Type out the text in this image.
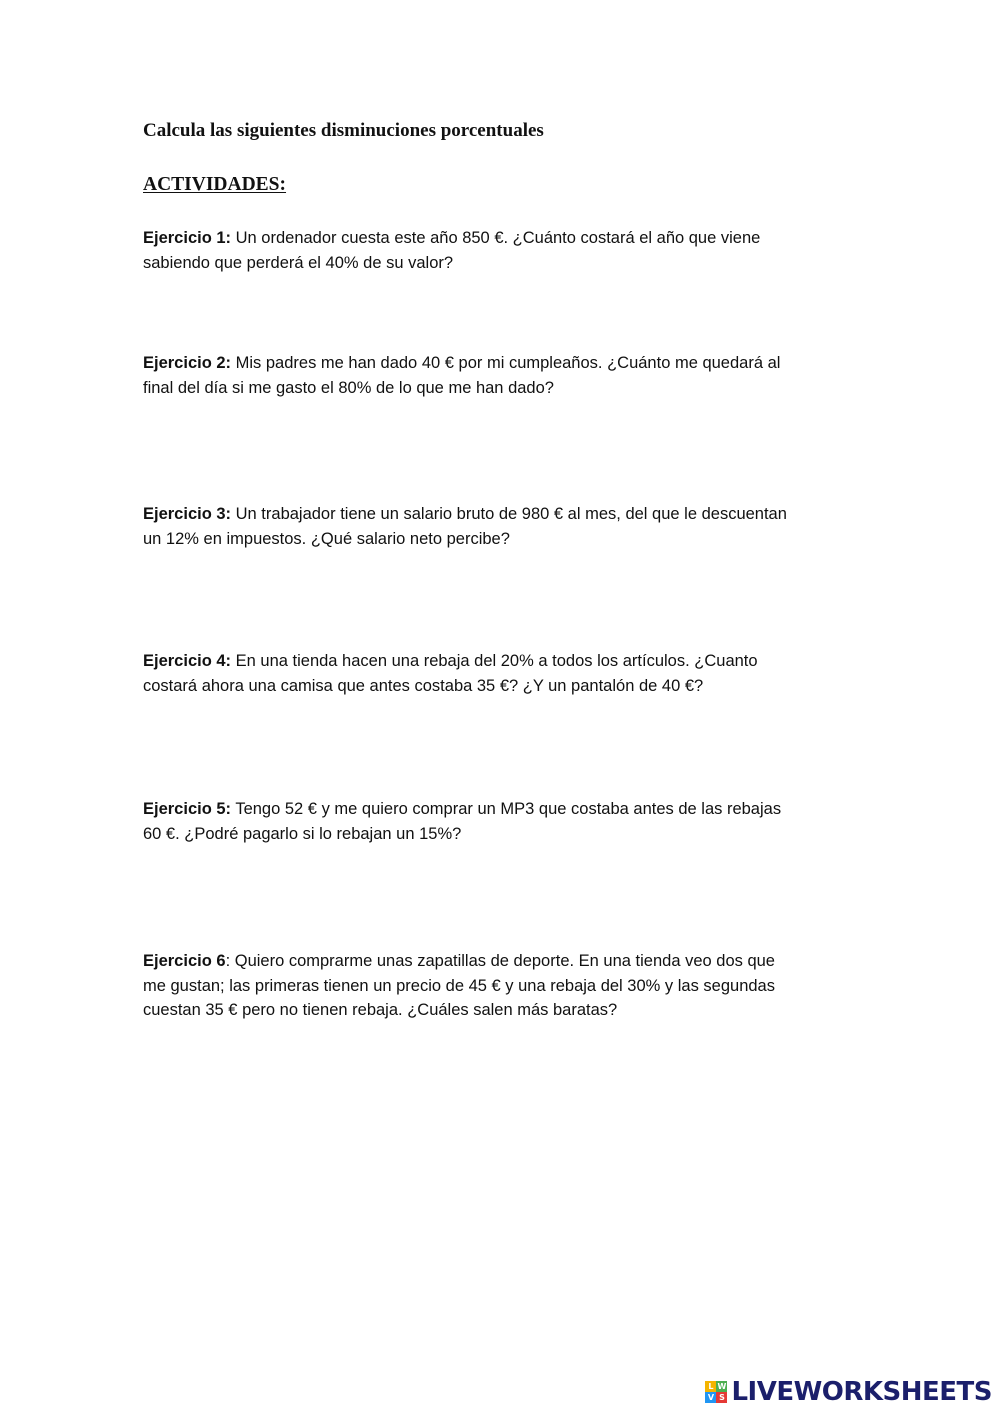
Calcula las siguientes disminuciones porcentuales
ACTIVIDADES:
Ejercicio 1: Un ordenador cuesta este año 850 €. ¿Cuánto costará el año que viene
sabiendo que perderá el 40% de su valor?
Ejercicio 2: Mis padres me han dado 40 € por mi cumpleaños. ¿Cuánto me quedará al
final del día si me gasto el 80% de lo que me han dado?
Ejercicio 3: Un trabajador tiene un salario bruto de 980 € al mes, del que le descuentan
un 12% en impuestos. ¿Qué salario neto percibe?
Ejercicio 4: En una tienda hacen una rebaja del 20% a todos los artículos. ¿Cuanto
costará ahora una camisa que antes costaba 35 €? ¿Y un pantalón de 40 €?
Ejercicio 5: Tengo 52 € y me quiero comprar un MP3 que costaba antes de las rebajas
60 €. ¿Podré pagarlo si lo rebajan un 15%?
Ejercicio 6: Quiero comprarme unas zapatillas de deporte. En una tienda veo dos que
me gustan; las primeras tienen un precio de 45 € y una rebaja del 30% y las segundas
cuestan 35 € pero no tienen rebaja. ¿Cuáles salen más baratas?
L W
V S LIVEWORKSHEETS
